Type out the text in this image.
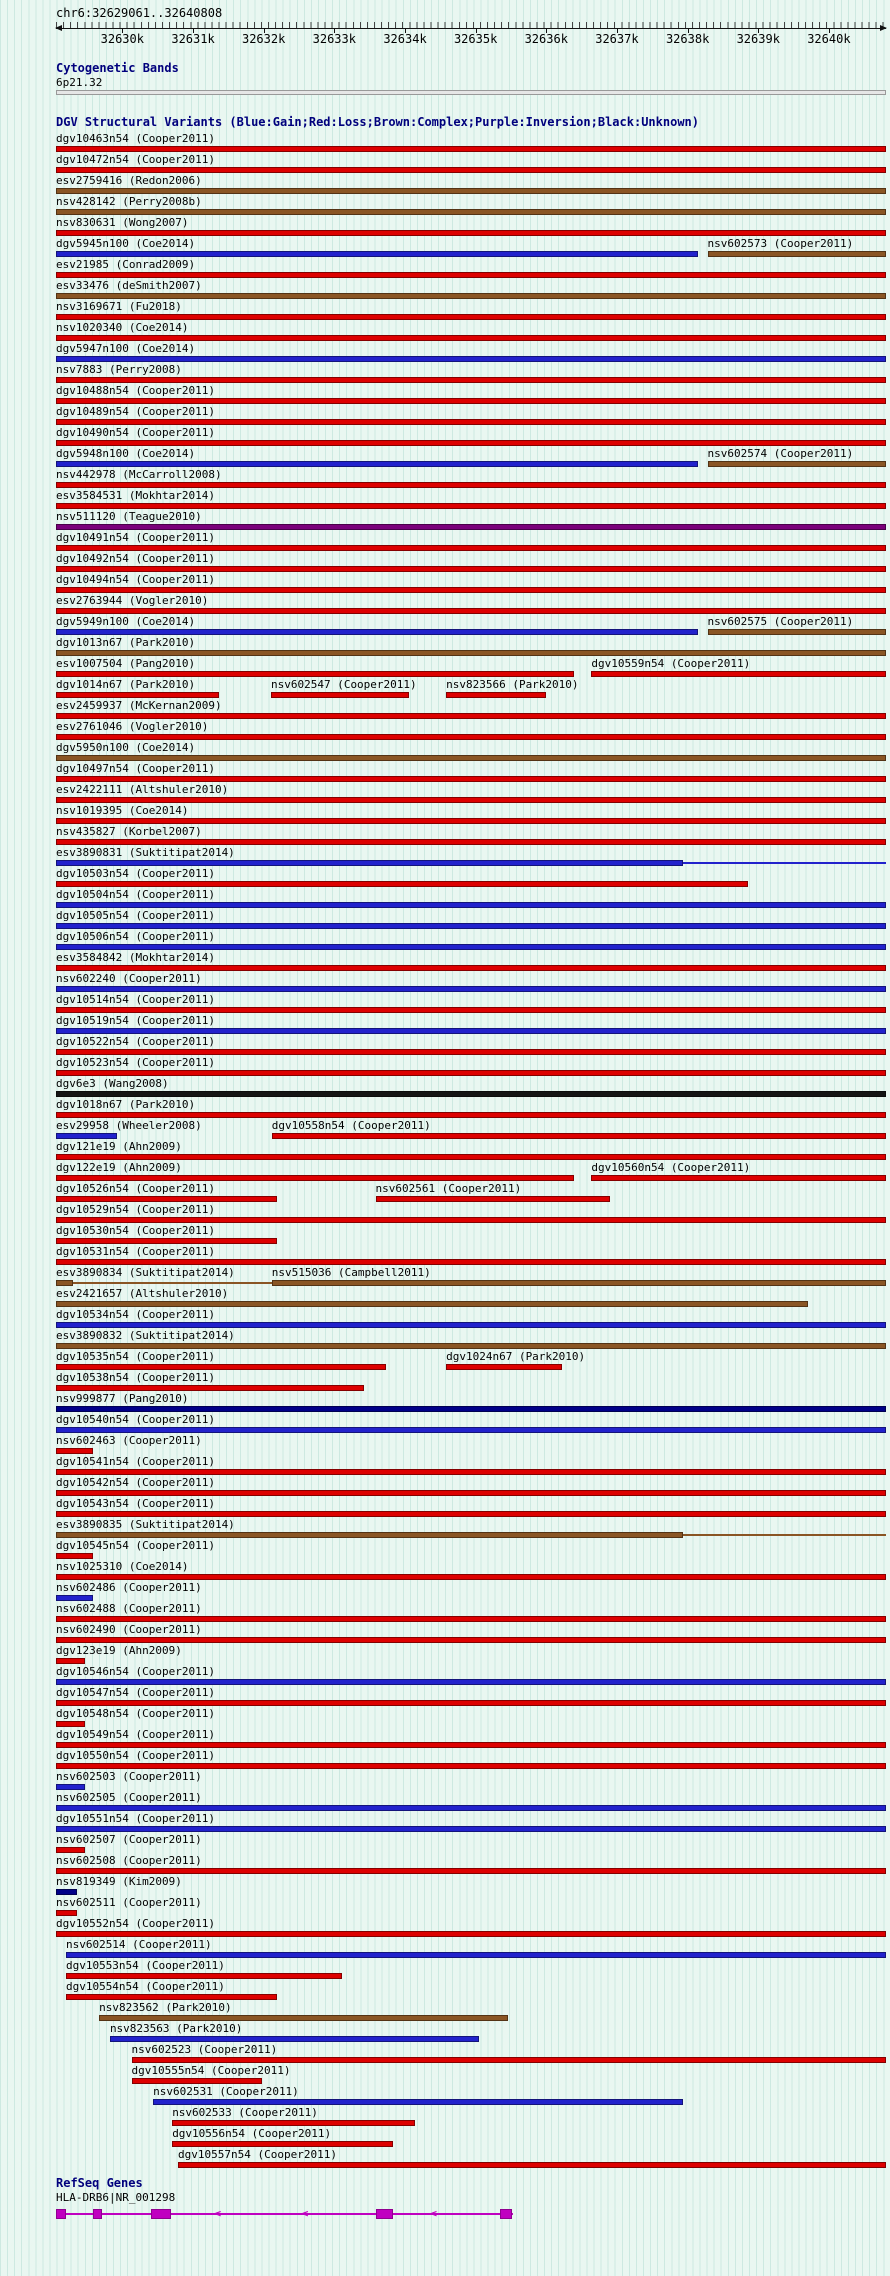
chr6:32629061..32640808
32630k 32631k 32632k 32633k 32634k 32635k 32636k 32637k 32638k 32639k 32640k
Cytogenetic Bands
6p21.32
DGV Structural Variants (Blue:Gain;Red:Loss;Brown:Complex;Purple:Inversion;Black:Unknown)
dgv10463n54 (Cooper2011)
dgv10472n54 (Cooper2011)
esv2759416 (Redon2006)
nsv428142 (Perry2008b)
nsv830631 (Wong2007)
dgv5945n100 (Coe2014)	nsv602573 (Cooper2011)
esv21985 (Conrad2009)
esv33476 (deSmith2007)
nsv3169671 (Fu2018)
nsv1020340 (Coe2014)
dgv5947n100 (Coe2014)
nsv7883 (Perry2008)
dgv10488n54 (Cooper2011)
dgv10489n54 (Cooper2011)
dgv10490n54 (Cooper2011)
dgv5948n100 (Coe2014)	nsv602574 (Cooper2011)
nsv442978 (McCarroll2008)
esv3584531 (Mokhtar2014)
nsv511120 (Teague2010)
dgv10491n54 (Cooper2011)
dgv10492n54 (Cooper2011)
dgv10494n54 (Cooper2011)
esv2763944 (Vogler2010)
dgv5949n100 (Coe2014)	nsv602575 (Cooper2011)
dgv1013n67 (Park2010)
esv1007504 (Pang2010)	dgv10559n54 (Cooper2011)
dgv1014n67 (Park2010)	nsv602547 (Cooper2011)	nsv823566 (Park2010)
esv2459937 (McKernan2009)
esv2761046 (Vogler2010)
dgv5950n100 (Coe2014)
dgv10497n54 (Cooper2011)
esv2422111 (Altshuler2010)
nsv1019395 (Coe2014)
nsv435827 (Korbel2007)
esv3890831 (Suktitipat2014)
dgv10503n54 (Cooper2011)
dgv10504n54 (Cooper2011)
dgv10505n54 (Cooper2011)
dgv10506n54 (Cooper2011)
esv3584842 (Mokhtar2014)
nsv602240 (Cooper2011)
dgv10514n54 (Cooper2011)
dgv10519n54 (Cooper2011)
dgv10522n54 (Cooper2011)
dgv10523n54 (Cooper2011)
dgv6e3 (Wang2008)
dgv1018n67 (Park2010)
esv29958 (Wheeler2008)	dgv10558n54 (Cooper2011)
dgv121e19 (Ahn2009)
dgv122e19 (Ahn2009)	dgv10560n54 (Cooper2011)
dgv10526n54 (Cooper2011)	nsv602561 (Cooper2011)
dgv10529n54 (Cooper2011)
dgv10530n54 (Cooper2011)
dgv10531n54 (Cooper2011)
esv3890834 (Suktitipat2014)	nsv515036 (Campbell2011)
esv2421657 (Altshuler2010)
dgv10534n54 (Cooper2011)
esv3890832 (Suktitipat2014)
dgv10535n54 (Cooper2011)	dgv1024n67 (Park2010)
dgv10538n54 (Cooper2011)
nsv999877 (Pang2010)
dgv10540n54 (Cooper2011)
nsv602463 (Cooper2011)
dgv10541n54 (Cooper2011)
dgv10542n54 (Cooper2011)
dgv10543n54 (Cooper2011)
esv3890835 (Suktitipat2014)
dgv10545n54 (Cooper2011)
nsv1025310 (Coe2014)
nsv602486 (Cooper2011)
nsv602488 (Cooper2011)
nsv602490 (Cooper2011)
dgv123e19 (Ahn2009)
dgv10546n54 (Cooper2011)
dgv10547n54 (Cooper2011)
dgv10548n54 (Cooper2011)
dgv10549n54 (Cooper2011)
dgv10550n54 (Cooper2011)
nsv602503 (Cooper2011)
nsv602505 (Cooper2011)
dgv10551n54 (Cooper2011)
nsv602507 (Cooper2011)
nsv602508 (Cooper2011)
nsv819349 (Kim2009)
nsv602511 (Cooper2011)
dgv10552n54 (Cooper2011)
nsv602514 (Cooper2011)
dgv10553n54 (Cooper2011)
dgv10554n54 (Cooper2011)
nsv823562 (Park2010)
nsv823563 (Park2010)
nsv602523 (Cooper2011)
dgv10555n54 (Cooper2011)
nsv602531 (Cooper2011)
nsv602533 (Cooper2011)
dgv10556n54 (Cooper2011)
dgv10557n54 (Cooper2011)
RefSeq Genes
HLA-DRB6|NR_001298
<	<	<
